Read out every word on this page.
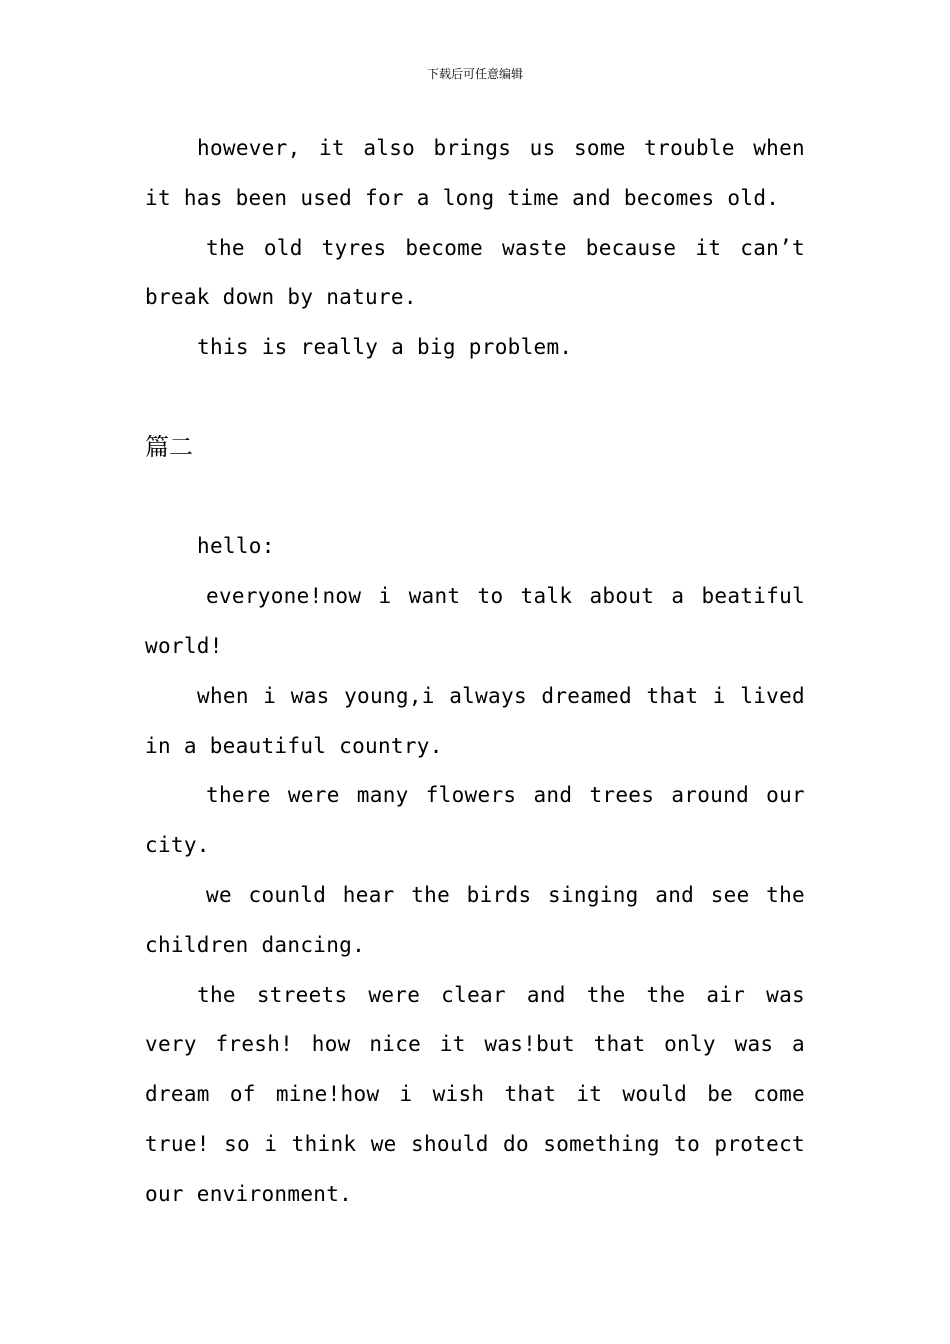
下载后可任意编辑

however, it also brings us some trouble when it has been used for a long time and becomes old.

the old tyres become waste because it can’t break down by nature.

this is really a big problem.

篇二

hello:

everyone!now i want to talk about a beatiful world!

when i was young,i always dreamed that i lived in a beautiful country.

there were many flowers and trees around our city.

we counld hear the birds singing and see the children dancing.

the streets were clear and the the air was very fresh! how nice it was!but that only was a dream of mine!how i wish that it would be come true! so i think we should do something to protect our environment.
